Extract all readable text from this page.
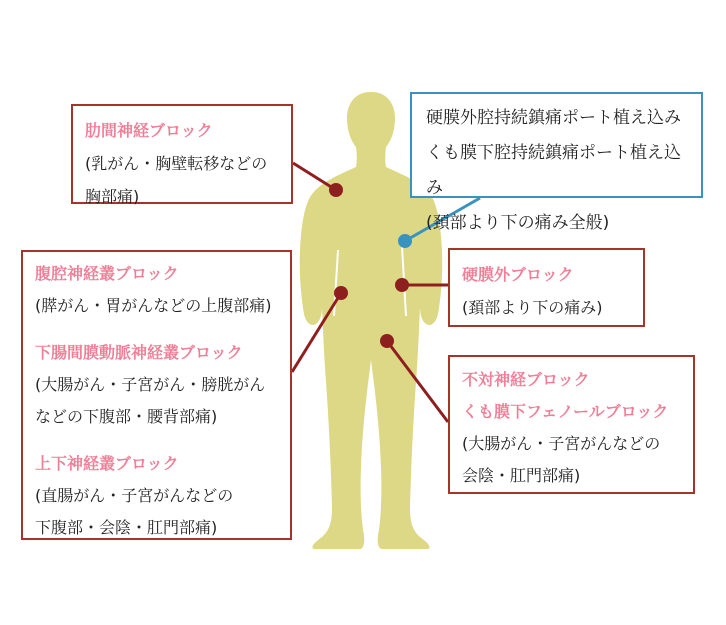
肋間神経ブロック
(乳がん・胸壁転移などの
胸部痛)
硬膜外腔持続鎮痛ポート植え込み
くも膜下腔持続鎮痛ポート植え込み
(頚部より下の痛み全般)
腹腔神経叢ブロック
(膵がん・胃がんなどの上腹部痛)
下腸間膜動脈神経叢ブロック
(大腸がん・子宮がん・膀胱がん
などの下腹部・腰背部痛)
上下神経叢ブロック
(直腸がん・子宮がんなどの
下腹部・会陰・肛門部痛)
硬膜外ブロック
(頚部より下の痛み)
不対神経ブロック
くも膜下フェノールブロック
(大腸がん・子宮がんなどの
会陰・肛門部痛)
